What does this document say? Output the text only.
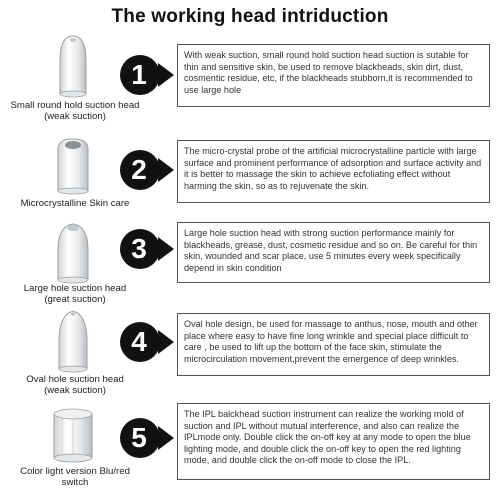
The working head intriduction
Small round hold suction head
(weak suction)
1
With weak suction, small round hold suction head suction is sutable for thin and sensitive skin, be used to remove blackheads, skin dirt, dust, cosmentic residue, etc, if the blackheads stubborn,it is recommended to use large hole
Microcrystalline Skin care
2
The micro-crystal probe of the artificial microcrystalline particle with large surface and prominent performance of adsorption and surface activity and it is better to massage the skin to achieve ecfoliating effect without harming the skin, so as to rejuvenate the skin.
Large hole suction head
(great suction)
3	Large hole suction head with strong suction performance mainly for blackheads, grease, dust, cosmetic residue and so on. Be careful for thin skin, wounded and scar place, use 5 minutes every week specifically depend in skin condition
Oval hole suction head
(weak suction)
4
Oval hole design, be used for massage to anthus, nose, mouth and other place where easy to have fine long wrinkle and special place difficult to care , be used to lift up the bottom of the face skin, stimulate the microcirculation movement,prevent the emergence of deep wrinkles.
Color light version Blu/red
switch
5
The IPL balckhead suction instrument can realize the working mold of suction and IPL without mutual interference, and also can realize the IPLmode only. Double click the on-off key at any mode to open the blue lighting mode, and double click the on-off key to open the red lighting mode, and double click the on-off mode to close the IPL.
